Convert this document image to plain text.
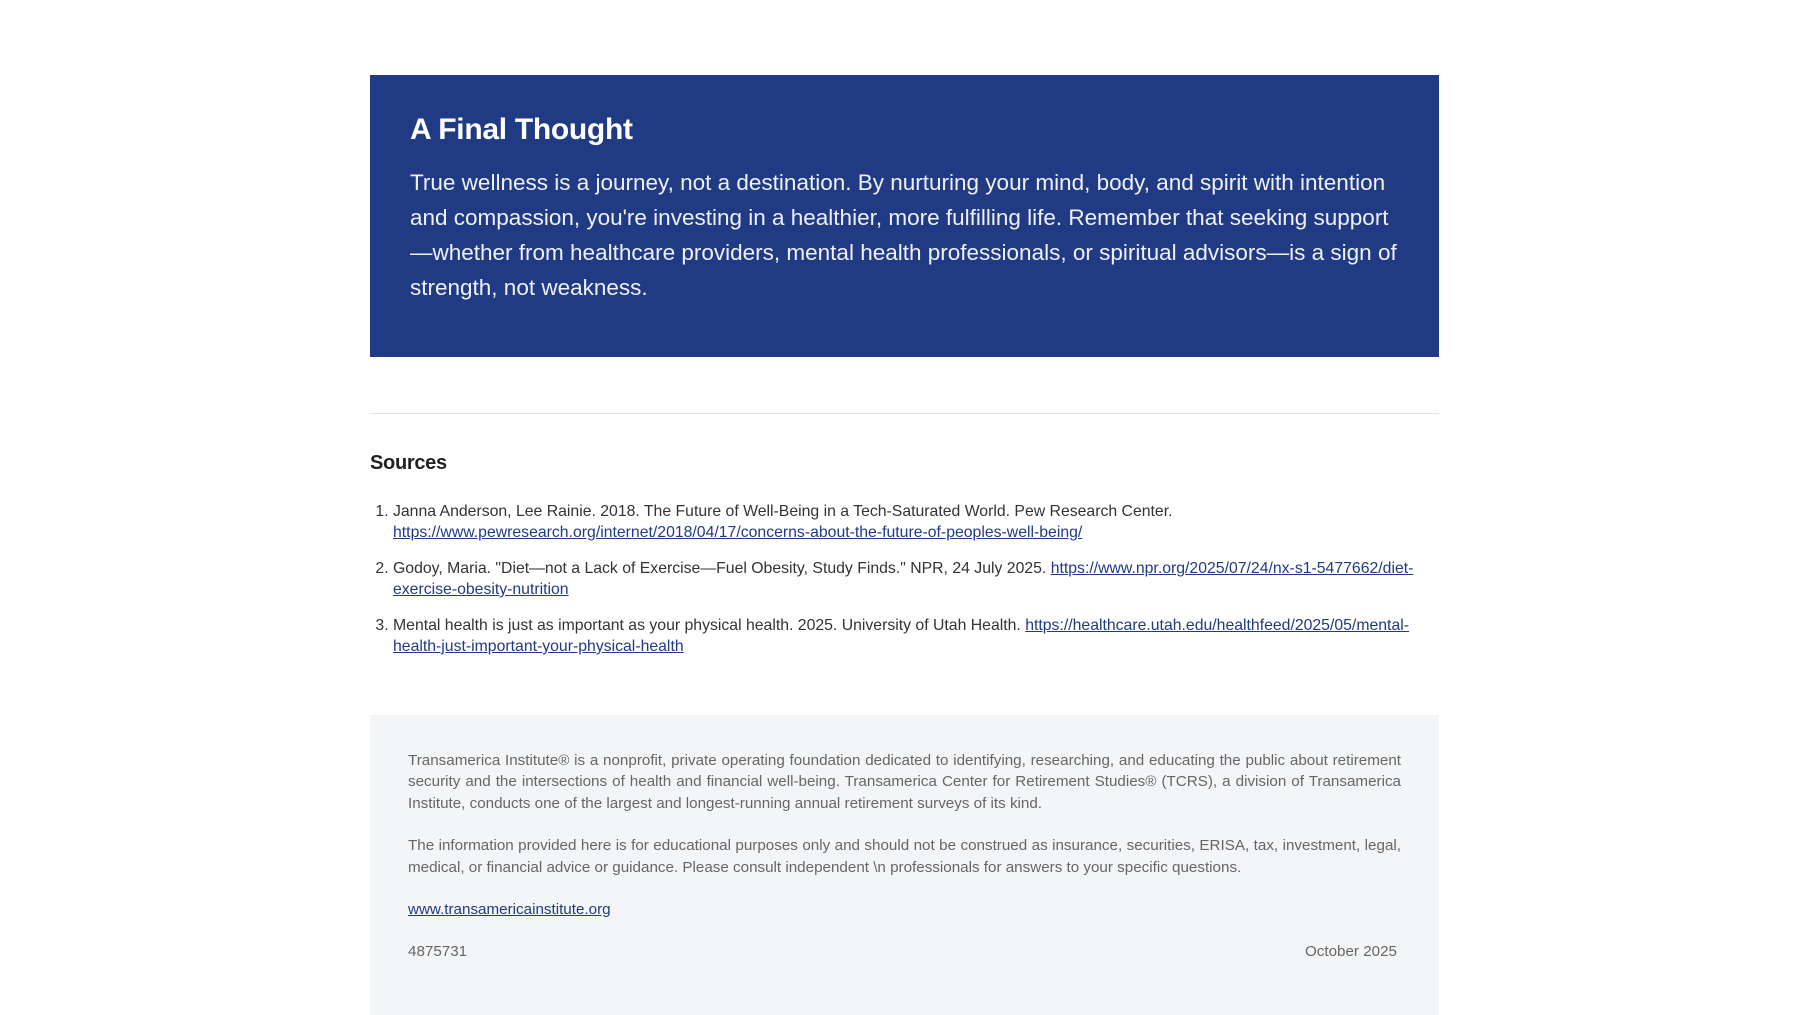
A Final Thought

True wellness is a journey, not a destination. By nurturing your mind, body, and spirit with intention and compassion, you're investing in a healthier, more fulfilling life. Remember that seeking support—whether from healthcare providers, mental health professionals, or spiritual advisors—is a sign of strength, not weakness.

Sources
1. Janna Anderson, Lee Rainie. 2018. The Future of Well-Being in a Tech-Saturated World. Pew Research Center. https://www.pewresearch.org/internet/2018/04/17/concerns-about-the-future-of-peoples-well-being/
2. Godoy, Maria. "Diet—not a Lack of Exercise—Fuel Obesity, Study Finds." NPR, 24 July 2025. https://www.npr.org/2025/07/24/nx-s1-5477662/diet-exercise-obesity-nutrition
3. Mental health is just as important as your physical health. 2025. University of Utah Health. https://healthcare.utah.edu/healthfeed/2025/05/mental-health-just-important-your-physical-health

Transamerica Institute® is a nonprofit, private operating foundation dedicated to identifying, researching, and educating the public about retirement security and the intersections of health and financial well-being. Transamerica Center for Retirement Studies® (TCRS), a division of Transamerica Institute, conducts one of the largest and longest-running annual retirement surveys of its kind.

The information provided here is for educational purposes only and should not be construed as insurance, securities, ERISA, tax, investment, legal, medical, or financial advice or guidance. Please consult independent \n professionals for answers to your specific questions.

www.transamericainstitute.org

4875731	October 2025
